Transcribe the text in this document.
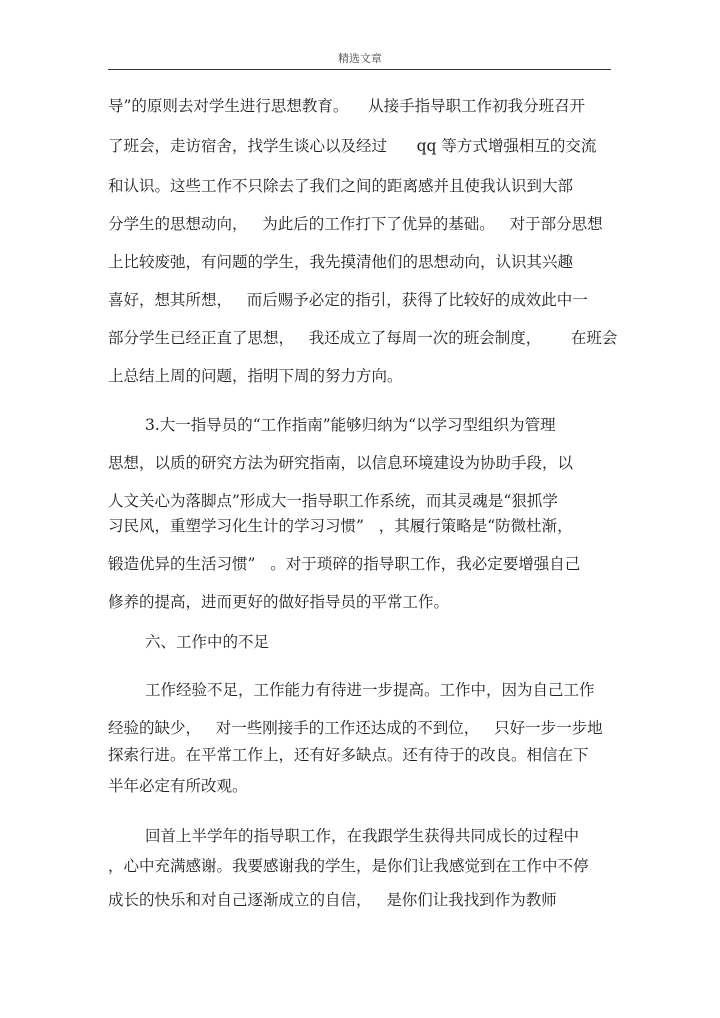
精选文章
导”的原则去对学生进行思想教育。    从接手指导职工作初我分班召开
了班会，走访宿舍，找学生谈心以及经过      qq 等方式增强相互的交流
和认识。这些工作不只除去了我们之间的距离感并且使我认识到大部
分学生的思想动向，   为此后的工作打下了优异的基础。   对于部分思想
上比较废弛，有问题的学生，我先摸清他们的思想动向，认识其兴趣
喜好，想其所想，   而后赐予必定的指引，获得了比较好的成效此中一
部分学生已经正直了思想，   我还成立了每周一次的班会制度，      在班会
上总结上周的问题，指明下周的努力方向。
3.大一指导员的“工作指南”能够归纳为“以学习型组织为管理
思想，以质的研究方法为研究指南，以信息环境建设为协助手段，以
人文关心为落脚点”形成大一指导职工作系统，而其灵魂是“狠抓学
习民风，重塑学习化生计的学习习惯”   ，其履行策略是“防微杜渐，
锻造优异的生活习惯”   。对于琐碎的指导职工作，我必定要增强自己
修养的提高，进而更好的做好指导员的平常工作。
六、工作中的不足
工作经验不足，工作能力有待进一步提高。工作中，因为自己工作
经验的缺少，   对一些刚接手的工作还达成的不到位，   只好一步一步地
探索行进。在平常工作上，还有好多缺点。还有待于的改良。相信在下
半年必定有所改观。
回首上半学年的指导职工作，在我跟学生获得共同成长的过程中
，心中充满感谢。我要感谢我的学生，是你们让我感觉到在工作中不停
成长的快乐和对自己逐渐成立的自信，   是你们让我找到作为教师
